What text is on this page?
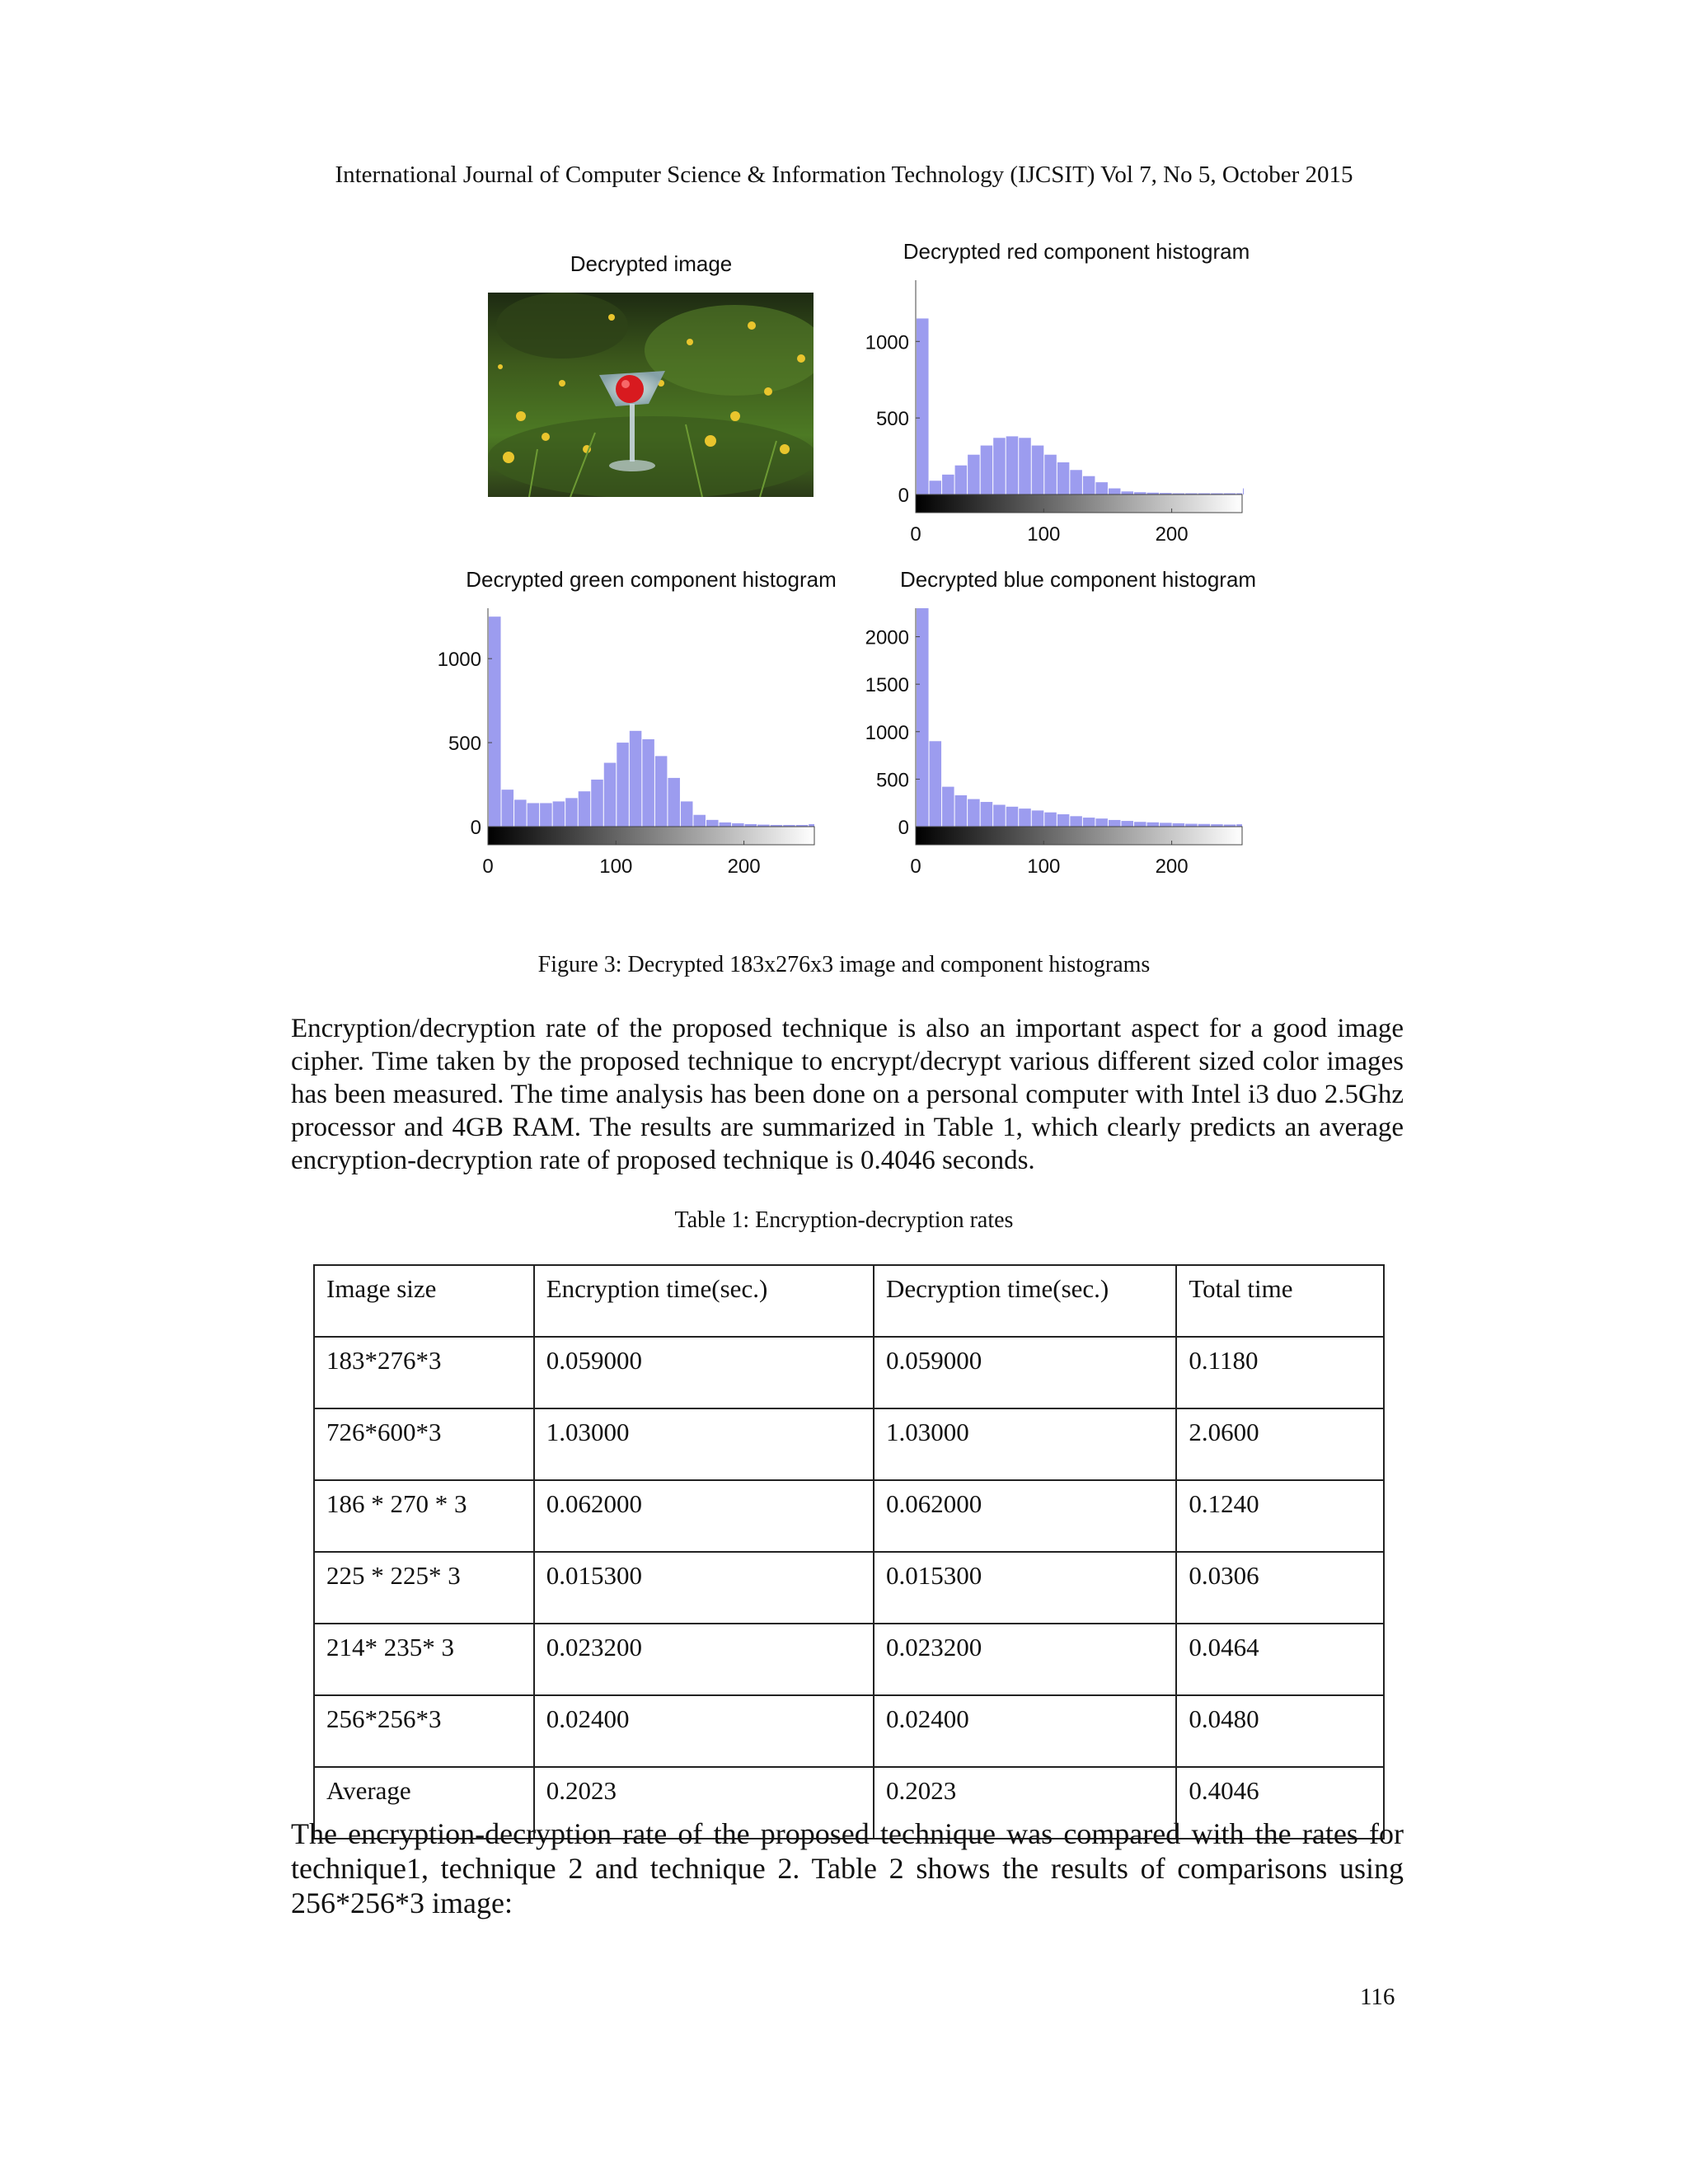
International Journal of Computer Science & Information Technology (IJCSIT) Vol 7, No 5, October 2015
Decrypted image	Decrypted red component histogram
Decrypted green component histogram	Decrypted blue component histogram
0
500
1000
0	100	200
0
500
1000
0	100	200
0
500
1000
1500
2000
0	100	200
Figure 3: Decrypted 183x276x3 image and component histograms

Encryption/decryption rate of the proposed technique is also an important aspect for a good image cipher. Time taken by the proposed technique to encrypt/decrypt various different sized color images has been measured. The time analysis has been done on a personal computer with Intel i3 duo 2.5Ghz processor and 4GB RAM. The results are summarized in Table 1, which clearly predicts an average encryption-decryption rate of proposed technique is 0.4046 seconds.

Table 1: Encryption-decryption rates
Image size	Encryption time(sec.)	Decryption time(sec.)	Total time
183*276*3	0.059000	0.059000	0.1180
726*600*3	1.03000	1.03000	2.0600
186 * 270 * 3	0.062000	0.062000	0.1240
225 * 225* 3	0.015300	0.015300	0.0306
214* 235* 3	0.023200	0.023200	0.0464
256*256*3	0.02400	0.02400	0.0480
Average	0.2023	0.2023	0.4046

The encryption-decryption rate of the proposed technique was compared with the rates for technique1, technique 2 and technique 2. Table 2 shows the results of comparisons using 256*256*3 image:

116
